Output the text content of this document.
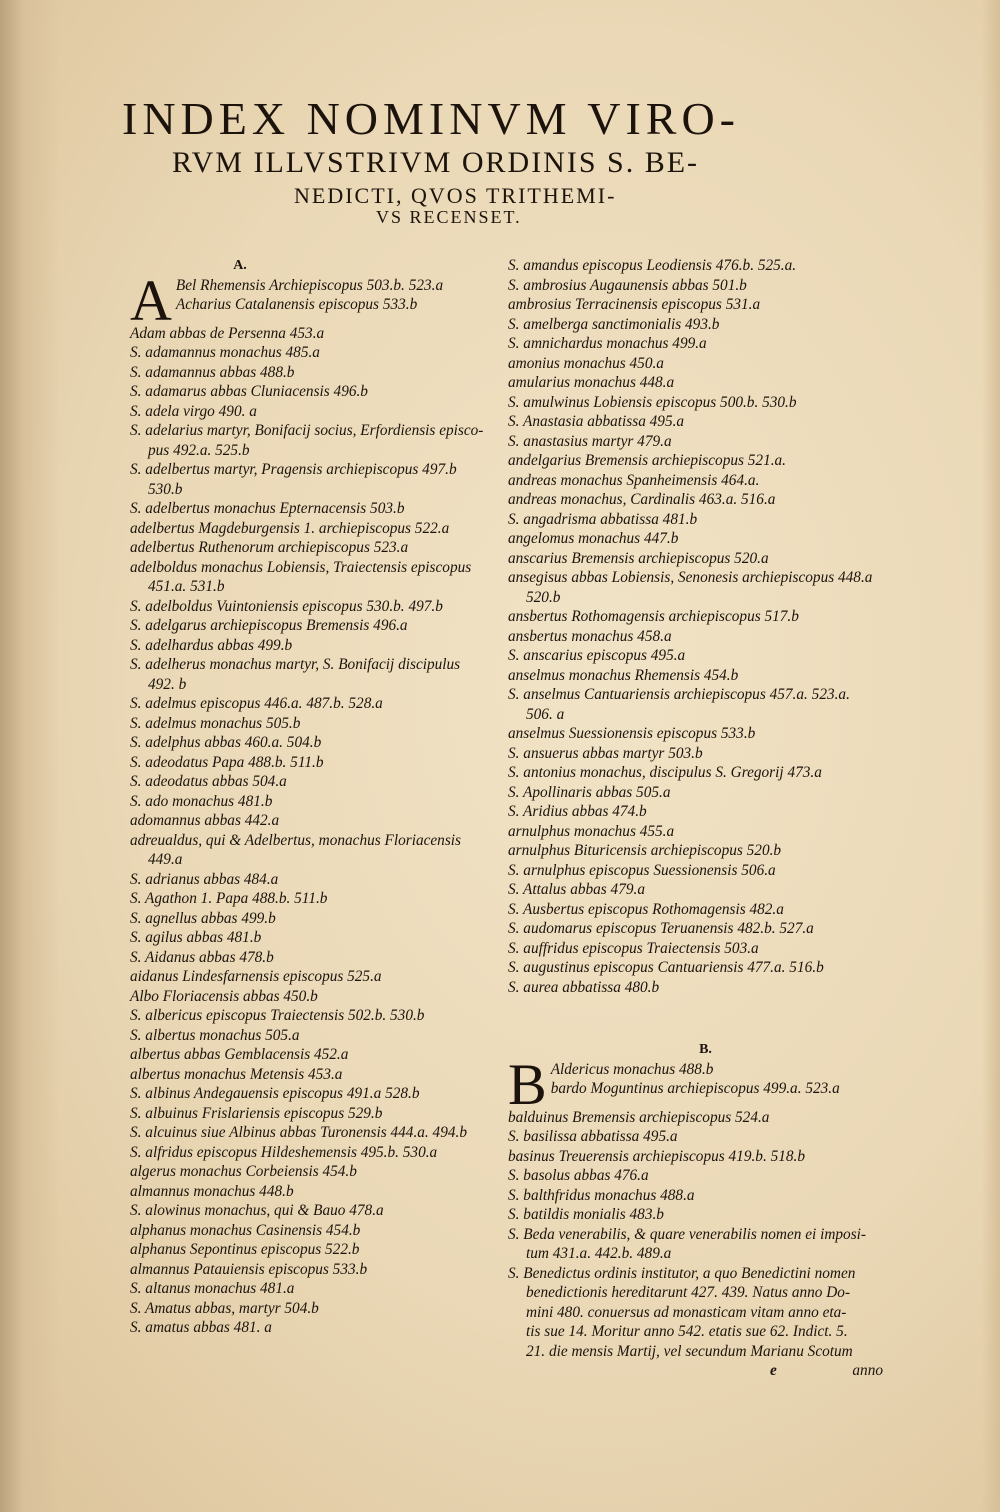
INDEX NOMINVM VIRO-
RVM ILLVSTRIVM ORDINIS S. BE-
NEDICTI, QVOS TRITHEMI-
VS RECENSET.
A.
A Bel Rhemensis Archiepiscopus 503.b. 523.a
Acharius Catalanensis episcopus 533.b
Adam abbas de Persenna 453.a
S. adamannus monachus 485.a
S. adamannus abbas 488.b
S. adamarus abbas Cluniacensis 496.b
S. adela virgo 490. a
S. adelarius martyr, Bonifacij socius, Erfordiensis episco-
pus 492.a. 525.b
S. adelbertus martyr, Pragensis archiepiscopus 497.b
530.b
S. adelbertus monachus Epternacensis 503.b
adelbertus Magdeburgensis 1. archiepiscopus 522.a
adelbertus Ruthenorum archiepiscopus 523.a
adelboldus monachus Lobiensis, Traiectensis episcopus
451.a. 531.b
S. adelboldus Vuintoniensis episcopus 530.b. 497.b
S. adelgarus archiepiscopus Bremensis 496.a
S. adelhardus abbas 499.b
S. adelherus monachus martyr, S. Bonifacij discipulus
492. b
S. adelmus episcopus 446.a. 487.b. 528.a
S. adelmus monachus 505.b
S. adelphus abbas 460.a. 504.b
S. adeodatus Papa 488.b. 511.b
S. adeodatus abbas 504.a
S. ado monachus 481.b
adomannus abbas 442.a
adreualdus, qui & Adelbertus, monachus Floriacensis
449.a
S. adrianus abbas 484.a
S. Agathon 1. Papa 488.b. 511.b
S. agnellus abbas 499.b
S. agilus abbas 481.b
S. Aidanus abbas 478.b
aidanus Lindesfarnensis episcopus 525.a
Albo Floriacensis abbas 450.b
S. albericus episcopus Traiectensis 502.b. 530.b
S. albertus monachus 505.a
albertus abbas Gemblacensis 452.a
albertus monachus Metensis 453.a
S. albinus Andegauensis episcopus 491.a 528.b
S. albuinus Frislariensis episcopus 529.b
S. alcuinus siue Albinus abbas Turonensis 444.a. 494.b
S. alfridus episcopus Hildeshemensis 495.b. 530.a
algerus monachus Corbeiensis 454.b
almannus monachus 448.b
S. alowinus monachus, qui & Bauo 478.a
alphanus monachus Casinensis 454.b
alphanus Sepontinus episcopus 522.b
almannus Patauiensis episcopus 533.b
S. altanus monachus 481.a
S. Amatus abbas, martyr 504.b
S. amatus abbas 481. a
S. amandus episcopus Leodiensis 476.b. 525.a.
S. ambrosius Augaunensis abbas 501.b
ambrosius Terracinensis episcopus 531.a
S. amelberga sanctimonialis 493.b
S. amnichardus monachus 499.a
amonius monachus 450.a
amularius monachus 448.a
S. amulwinus Lobiensis episcopus 500.b. 530.b
S. Anastasia abbatissa 495.a
S. anastasius martyr 479.a
andelgarius Bremensis archiepiscopus 521.a.
andreas monachus Spanheimensis 464.a.
andreas monachus, Cardinalis 463.a. 516.a
S. angadrisma abbatissa 481.b
angelomus monachus 447.b
anscarius Bremensis archiepiscopus 520.a
ansegisus abbas Lobiensis, Senonesis archiepiscopus 448.a
520.b
ansbertus Rothomagensis archiepiscopus 517.b
ansbertus monachus 458.a
S. anscarius episcopus 495.a
anselmus monachus Rhemensis 454.b
S. anselmus Cantuariensis archiepiscopus 457.a. 523.a.
506. a
anselmus Suessionensis episcopus 533.b
S. ansuerus abbas martyr 503.b
S. antonius monachus, discipulus S. Gregorij 473.a
S. Apollinaris abbas 505.a
S. Aridius abbas 474.b
arnulphus monachus 455.a
arnulphus Bituricensis archiepiscopus 520.b
S. arnulphus episcopus Suessionensis 506.a
S. Attalus abbas 479.a
S. Ausbertus episcopus Rothomagensis 482.a
S. audomarus episcopus Teruanensis 482.b. 527.a
S. auffridus episcopus Traiectensis 503.a
S. augustinus episcopus Cantuariensis 477.a. 516.b
S. aurea abbatissa 480.b
B.
B Aldericus monachus 488.b
bardo Moguntinus archiepiscopus 499.a. 523.a
balduinus Bremensis archiepiscopus 524.a
S. basilissa abbatissa 495.a
basinus Treuerensis archiepiscopus 419.b. 518.b
S. basolus abbas 476.a
S. balthfridus monachus 488.a
S. batildis monialis 483.b
S. Beda venerabilis, & quare venerabilis nomen ei imposi-
tum 431.a. 442.b. 489.a
S. Benedictus ordinis institutor, a quo Benedictini nomen
benedictionis hereditarunt 427. 439. Natus anno Do-
mini 480. conuersus ad monasticam vitam anno eta-
tis sue 14. Moritur anno 542. etatis sue 62. Indict. 5.
21. die mensis Martij, vel secundum Marianu Scotum
e	anno
